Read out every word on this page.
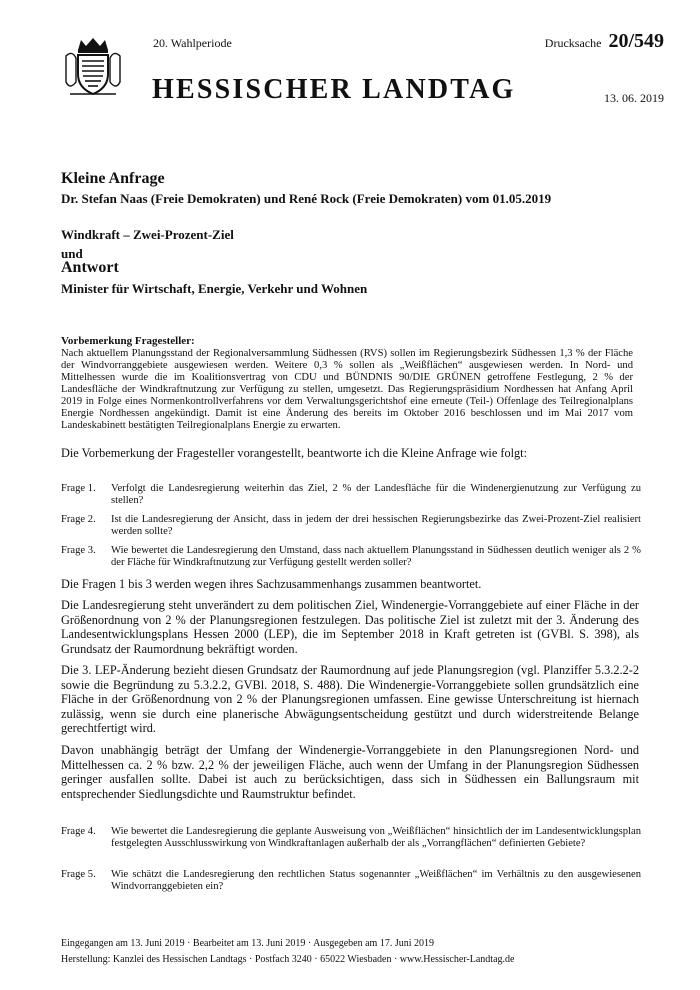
20. Wahlperiode	Drucksache 20/549
HESSISCHER LANDTAG	13. 06. 2019
Kleine Anfrage
Dr. Stefan Naas (Freie Demokraten) und René Rock (Freie Demokraten) vom 01.05.2019
Windkraft – Zwei-Prozent-Ziel
und
Antwort
Minister für Wirtschaft, Energie, Verkehr und Wohnen
Vorbemerkung Fragesteller:
Nach aktuellem Planungsstand der Regionalversammlung Südhessen (RVS) sollen im Regierungsbezirk Südhessen 1,3 % der Fläche der Windvorranggebiete ausgewiesen werden. Weitere 0,3 % sollen als „Weißflächen“ ausgewiesen werden. In Nord- und Mittelhessen wurde die im Koalitionsvertrag von CDU und BÜNDNIS 90/DIE GRÜNEN getroffene Festlegung, 2 % der Landesfläche der Windkraftnutzung zur Verfügung zu stellen, umgesetzt. Das Regierungspräsidium Nordhessen hat Anfang April 2019 in Folge eines Normenkontrollverfahrens vor dem Verwaltungsgerichtshof eine erneute (Teil-) Offenlage des Teilregionalplans Energie Nordhessen angekündigt. Damit ist eine Änderung des bereits im Oktober 2016 beschlossen und im Mai 2017 vom Landeskabinett bestätigten Teilregionalplans Energie zu erwarten.
Die Vorbemerkung der Fragesteller vorangestellt, beantworte ich die Kleine Anfrage wie folgt:
Frage 1.	Verfolgt die Landesregierung weiterhin das Ziel, 2 % der Landesfläche für die Windenergienutzung zur Verfügung zu stellen?
Frage 2.	Ist die Landesregierung der Ansicht, dass in jedem der drei hessischen Regierungsbezirke das Zwei-Prozent-Ziel realisiert werden sollte?
Frage 3.	Wie bewertet die Landesregierung den Umstand, dass nach aktuellem Planungsstand in Südhessen deutlich weniger als 2 % der Fläche für Windkraftnutzung zur Verfügung gestellt werden soller?
Die Fragen 1 bis 3 werden wegen ihres Sachzusammenhangs zusammen beantwortet.
Die Landesregierung steht unverändert zu dem politischen Ziel, Windenergie-Vorranggebiete auf einer Fläche in der Größenordnung von 2 % der Planungsregionen festzulegen. Das politische Ziel ist zuletzt mit der 3. Änderung des Landesentwicklungsplans Hessen 2000 (LEP), die im September 2018 in Kraft getreten ist (GVBl. S. 398), als Grundsatz der Raumordnung bekräftigt worden.
Die 3. LEP-Änderung bezieht diesen Grundsatz der Raumordnung auf jede Planungsregion (vgl. Planziffer 5.3.2.2-2 sowie die Begründung zu 5.3.2.2, GVBl. 2018, S. 488). Die Windenergie-Vorranggebiete sollen grundsätzlich eine Fläche in der Größenordnung von 2 % der Planungsregionen umfassen. Eine gewisse Unterschreitung ist hiernach zulässig, wenn sie durch eine planerische Abwägungsentscheidung gestützt und durch widerstreitende Belange gerechtfertigt wird.
Davon unabhängig beträgt der Umfang der Windenergie-Vorranggebiete in den Planungsregionen Nord- und Mittelhessen ca. 2 % bzw. 2,2 % der jeweiligen Fläche, auch wenn der Umfang in der Planungsregion Südhessen geringer ausfallen sollte. Dabei ist auch zu berücksichtigen, dass sich in Südhessen ein Ballungsraum mit entsprechender Siedlungsdichte und Raumstruktur befindet.
Frage 4.	Wie bewertet die Landesregierung die geplante Ausweisung von „Weißflächen“ hinsichtlich der im Landesentwicklungsplan festgelegten Ausschlusswirkung von Windkraftanlagen außerhalb der als „Vorrangflächen“ definierten Gebiete?
Frage 5.	Wie schätzt die Landesregierung den rechtlichen Status sogenannter „Weißflächen“ im Verhältnis zu den ausgewiesenen Windvorranggebieten ein?
Eingegangen am 13. Juni 2019 · Bearbeitet am 13. Juni 2019 · Ausgegeben am 17. Juni 2019
Herstellung: Kanzlei des Hessischen Landtags · Postfach 3240 · 65022 Wiesbaden · www.Hessischer-Landtag.de
